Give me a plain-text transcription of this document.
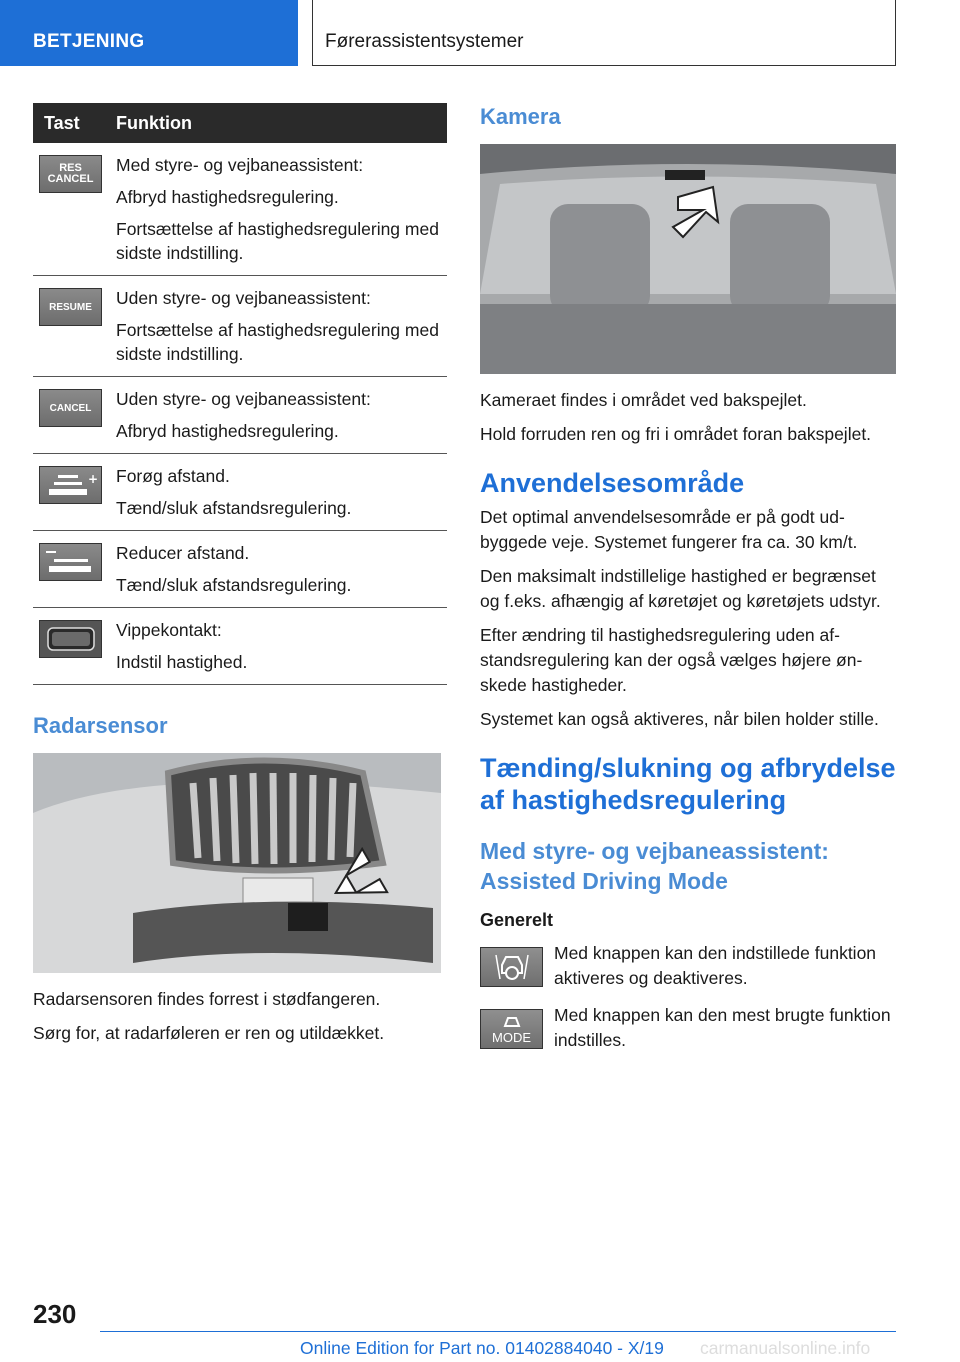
BETJENING	Førerassistentsystemer
Tast	Funktion
RES CANCEL

Med styre- og vejbaneassistent:

Afbryd hastighedsregulering.

Fortsættelse af hastighedsregulering med sidste indstilling.

RESUME Uden styre- og vejbaneassistent:

Fortsættelse af hastighedsregulering med sidste indstilling.

CANCEL Uden styre- og vejbaneassistent:

Afbryd hastighedsregulering.

+ Forøg afstand.

Tænd/sluk afstandsregulering.

Reducer afstand.

Tænd/sluk afstandsregulering.

Vippekontakt:

Indstil hastighed.

Radarsensor

Radarsensoren findes forrest i stødfangeren.

Sørg for, at radarføleren er ren og utildækket.

Kamera

Kameraet findes i området ved bakspejlet.

Hold forruden ren og fri i området foran bakspejlet.

Anvendelsesområde

Det optimal anvendelsesområde er på godt udbyggede veje. Systemet fungerer fra ca. 30 km/t.

Den maksimalt indstillelige hastighed er begrænset og f.eks. afhængig af køretøjet og køretøjets udstyr.

Efter ændring til hastighedsregulering uden afstandsregulering kan der også vælges højere ønskede hastigheder.

Systemet kan også aktiveres, når bilen holder stille.

Tænding/slukning og afbrydelse af hastighedsregulering
Med styre- og vejbaneassistent: Assisted Driving Mode
Generelt
Med knappen kan den indstillede funktion aktiveres og deaktiveres.
MODE
Med knappen kan den mest brugte funktion indstilles.
230
Online Edition for Part no. 01402884040 - X/19 carmanualsonline.info
